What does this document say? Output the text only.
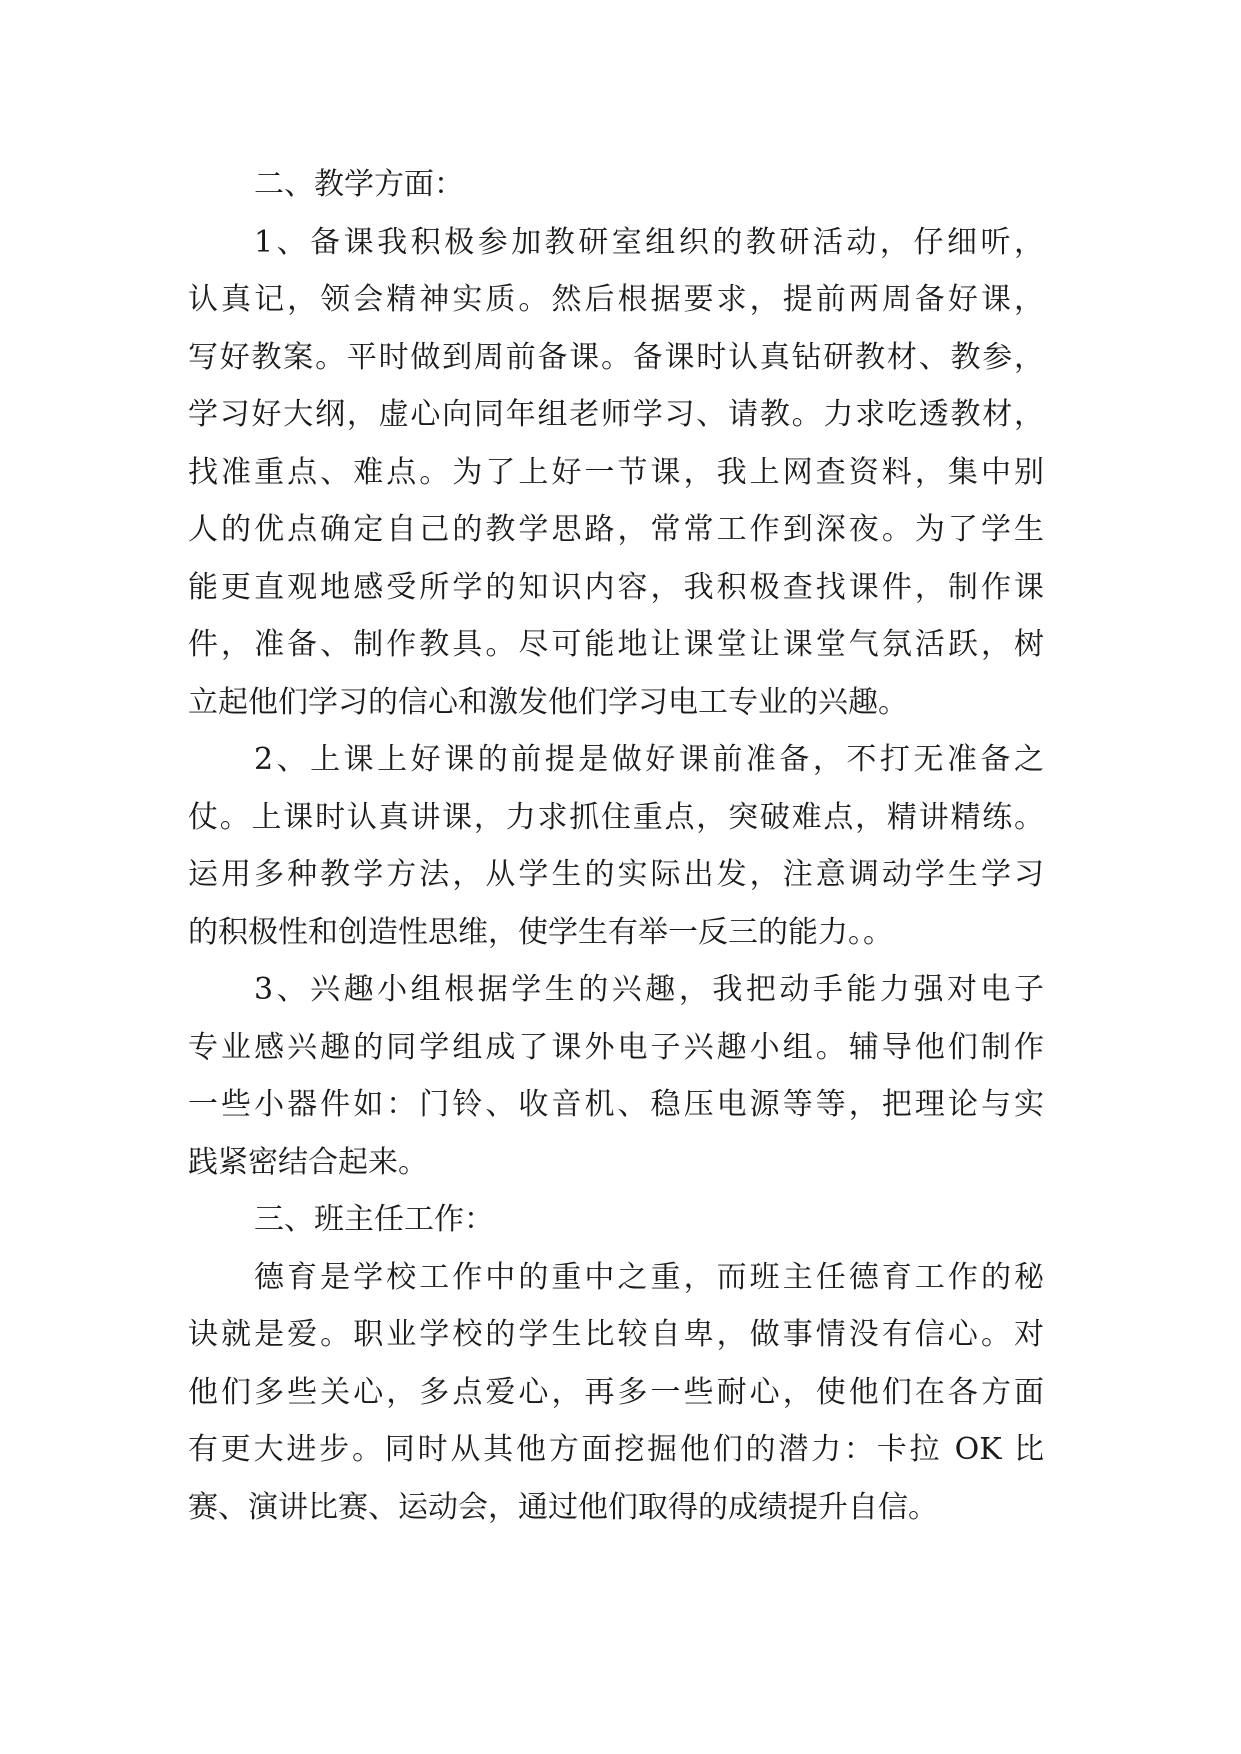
二、教学方面：
1、备课我积极参加教研室组织的教研活动，仔细听，
认真记，领会精神实质。然后根据要求，提前两周备好课，
写好教案。平时做到周前备课。备课时认真钻研教材、教参，
学习好大纲，虚心向同年组老师学习、请教。力求吃透教材，
找准重点、难点。为了上好一节课，我上网查资料，集中别
人的优点确定自己的教学思路，常常工作到深夜。为了学生
能更直观地感受所学的知识内容，我积极查找课件，制作课
件，准备、制作教具。尽可能地让课堂让课堂气氛活跃，树
立起他们学习的信心和激发他们学习电工专业的兴趣。
2、上课上好课的前提是做好课前准备，不打无准备之
仗。上课时认真讲课，力求抓住重点，突破难点，精讲精练。
运用多种教学方法，从学生的实际出发，注意调动学生学习
的积极性和创造性思维，使学生有举一反三的能力。。
3、兴趣小组根据学生的兴趣，我把动手能力强对电子
专业感兴趣的同学组成了课外电子兴趣小组。辅导他们制作
一些小器件如：门铃、收音机、稳压电源等等，把理论与实
践紧密结合起来。
三、班主任工作：
德育是学校工作中的重中之重，而班主任德育工作的秘
诀就是爱。职业学校的学生比较自卑，做事情没有信心。对
他们多些关心，多点爱心，再多一些耐心，使他们在各方面
有更大进步。同时从其他方面挖掘他们的潜力：卡拉 OK 比
赛、演讲比赛、运动会，通过他们取得的成绩提升自信。
